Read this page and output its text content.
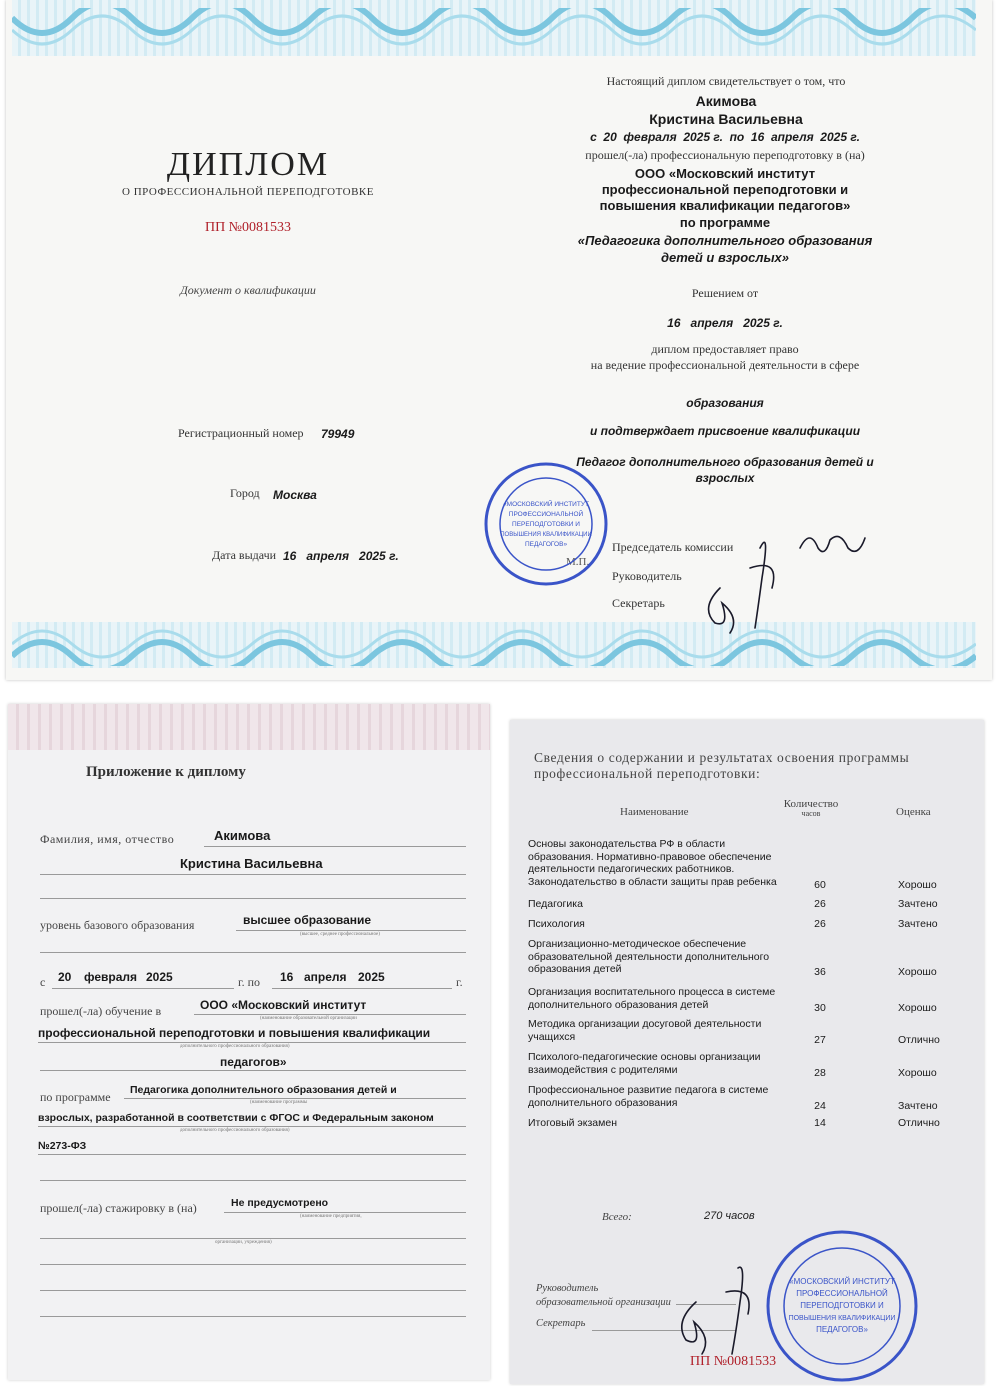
ДИПЛОМ
О ПРОФЕССИОНАЛЬНОЙ ПЕРЕПОДГОТОВКЕ
ПП №0081533
Документ о квалификации
Регистрационный номер 79949
Город Москва
Дата выдачи 16   апреля   2025 г.
Настоящий диплом свидетельствует о том, что
Акимова
Кристина Васильевна
с  20  февраля  2025 г.  по  16  апреля  2025 г.
прошел(-ла) профессиональную переподготовку в (на)
ООО «Московский институт
профессиональной переподготовки и
повышения квалификации педагогов»
по программе
«Педагогика дополнительного образования
детей и взрослых»
Решением от
16   апреля   2025 г.
диплом предоставляет право
на ведение профессиональной деятельности в сфере
образования
и подтверждает присвоение квалификации
Педагог дополнительного образования детей и
взрослых
Председатель комиссии
Руководитель
Секретарь
М.П.
«МОСКОВСКИЙ ИНСТИТУТ
ПРОФЕССИОНАЛЬНОЙ
ПЕРЕПОДГОТОВКИ И
ПОВЫШЕНИЯ КВАЛИФИКАЦИИ
ПЕДАГОГОВ»
Приложение к диплому
Фамилия, имя, отчество	Акимова
Кристина Васильевна
уровень базового образования	высшее образование
(высшее, среднее профессиональное)
с 20 февраля 2025	г. по 16 апреля 2025	г.
прошел(-ла) обучение в	ООО «Московский институт
(наименование образовательной организации
профессиональной переподготовки и повышения квалификации
дополнительного профессионального образования)
педагогов»
по программе Педагогика дополнительного образования детей и
(наименование программы
взрослых, разработанной в соответствии с ФГОС и Федеральным законом
дополнительного профессионального образования)
№273-ФЗ
прошел(-ла) стажировку в (на)	Не предусмотрено
(наименование предприятия,
организации, учреждения)
Сведения о содержании и результатах освоения программы
профессиональной переподготовки:
Наименование
Количество
часов	Оценка
Основы законодательства РФ в области
образования. Нормативно-правовое обеспечение
деятельности педагогических работников.
Законодательство в области защиты прав ребенка	60	Хорошо
Педагогика	26	Зачтено
Психология	26	Зачтено
Организационно-методическое обеспечение
образовательной деятельности дополнительного
образования детей	36	Хорошо
Организация воспитательного процесса в системе
дополнительного образования детей	30	Хорошо
Методика организации досуговой деятельности
учащихся	27	Отлично
Психолого-педагогические основы организации
взаимодействия с родителями	28	Хорошо
Профессиональное развитие педагога в системе
дополнительного образования	24	Зачтено
Итоговый экзамен	14	Отлично
Всего:	270 часов
Руководитель
образовательной организации
Секретарь
ПП №0081533
«МОСКОВСКИЙ ИНСТИТУТ
ПРОФЕССИОНАЛЬНОЙ
ПЕРЕПОДГОТОВКИ И
ПОВЫШЕНИЯ КВАЛИФИКАЦИИ
ПЕДАГОГОВ»
